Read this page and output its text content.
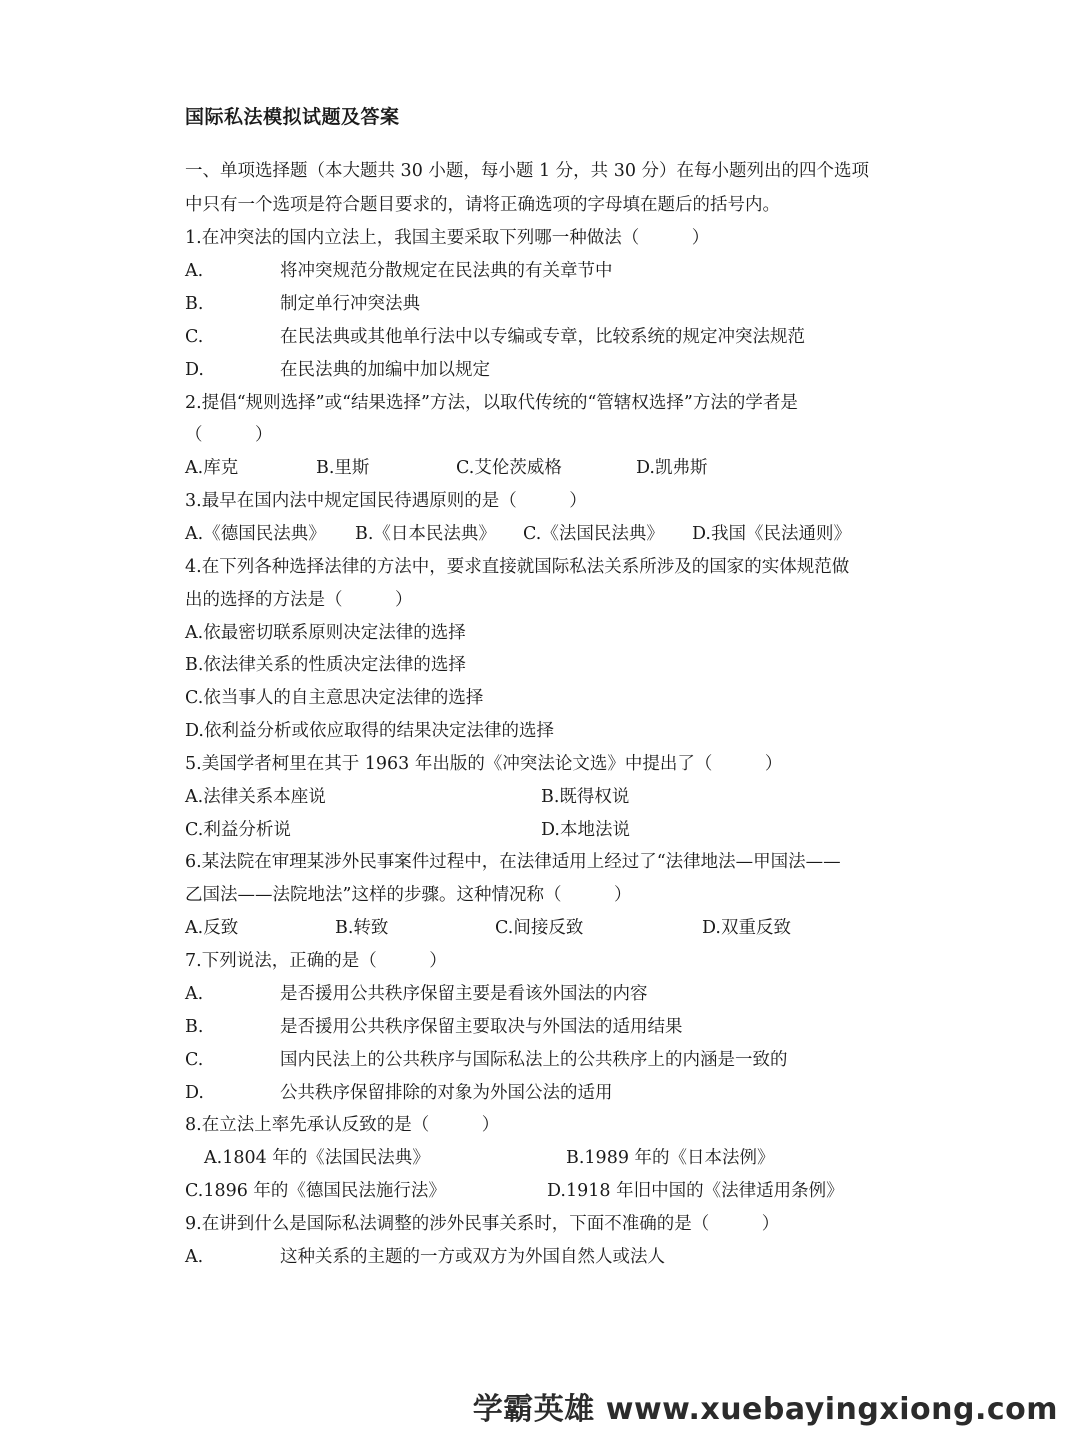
国际私法模拟试题及答案
一、单项选择题（本大题共 30 小题，每小题 1 分，共 30 分）在每小题列出的四个选项
中只有一个选项是符合题目要求的，请将正确选项的字母填在题后的括号内。
1.在冲突法的国内立法上，我国主要采取下列哪一种做法（　　　）
A.	将冲突规范分散规定在民法典的有关章节中
B.	制定单行冲突法典
C.	在民法典或其他单行法中以专编或专章，比较系统的规定冲突法规范
D.	在民法典的加编中加以规定
2.提倡“规则选择”或“结果选择”方法，以取代传统的“管辖权选择”方法的学者是
（　　　）
A.库克	B.里斯	C.艾伦茨威格	D.凯弗斯
3.最早在国内法中规定国民待遇原则的是（　　　）
A.《德国民法典》 B.《日本民法典》 C.《法国民法典》 D.我国《民法通则》
4.在下列各种选择法律的方法中，要求直接就国际私法关系所涉及的国家的实体规范做
出的选择的方法是（　　　）
A.依最密切联系原则决定法律的选择
B.依法律关系的性质决定法律的选择
C.依当事人的自主意思决定法律的选择
D.依利益分析或依应取得的结果决定法律的选择
5.美国学者柯里在其于 1963 年出版的《冲突法论文选》中提出了（　　　）
A.法律关系本座说	B.既得权说
C.利益分析说	D.本地法说
6.某法院在审理某涉外民事案件过程中，在法律适用上经过了“法律地法—甲国法——
乙国法——法院地法”这样的步骤。这种情况称（　　　）
A.反致	B.转致	C.间接反致	D.双重反致
7.下列说法，正确的是（　　　）
A.	是否援用公共秩序保留主要是看该外国法的内容
B.	是否援用公共秩序保留主要取决与外国法的适用结果
C.	国内民法上的公共秩序与国际私法上的公共秩序上的内涵是一致的
D.	公共秩序保留排除的对象为外国公法的适用
8.在立法上率先承认反致的是（　　　）
A.1804 年的《法国民法典》	B.1989 年的《日本法例》
C.1896 年的《德国民法施行法》	D.1918 年旧中国的《法律适用条例》
9.在讲到什么是国际私法调整的涉外民事关系时，下面不准确的是（　　　）
A.	这种关系的主题的一方或双方为外国自然人或法人
学霸英雄 www.xuebayingxiong.com
